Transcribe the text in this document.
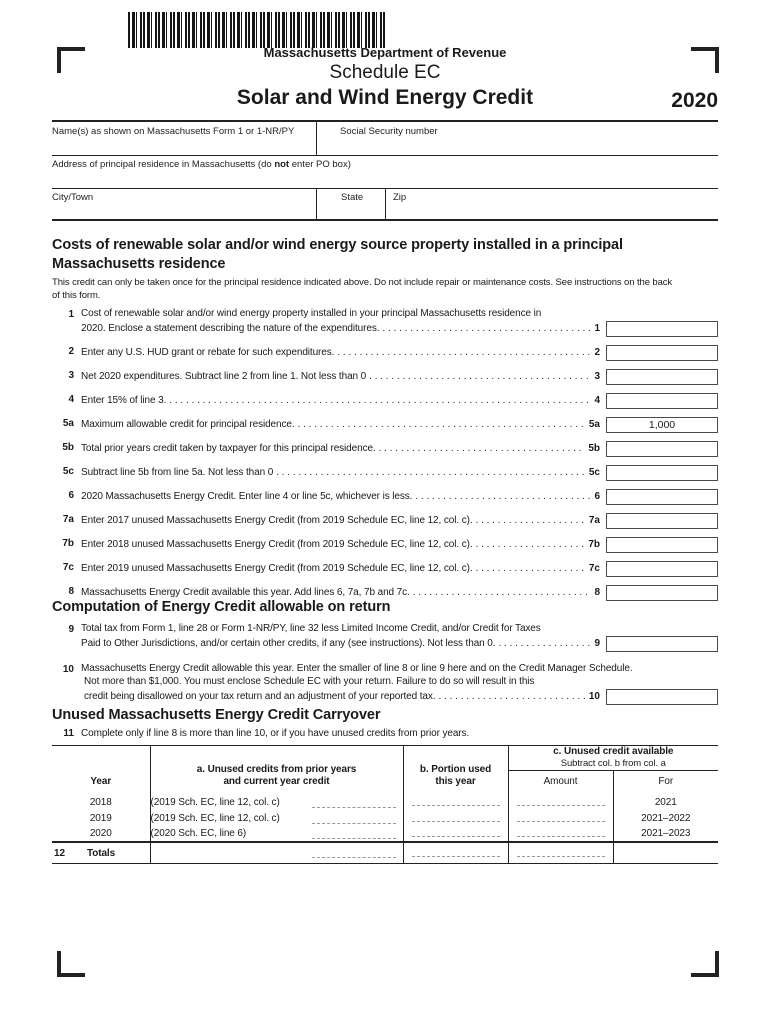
Massachusetts Department of Revenue
Schedule EC
Solar and Wind Energy Credit	2020
Name(s) as shown on Massachusetts Form 1 or 1-NR/PY	Social Security number
Address of principal residence in Massachusetts (do not enter PO box)
City/Town	State	Zip
Costs of renewable solar and/or wind energy source property installed in a principal
Massachusetts residence
This credit can only be taken once for the principal residence indicated above. Do not include repair or maintenance costs. See instructions on the back
of this form.
1 Cost of renewable solar and/or wind energy property installed in your principal Massachusetts residence in
2020. Enclose a statement describing the nature of the expenditures. . . .	1
2 Enter any U.S. HUD grant or rebate for such expenditures. . . .	2
3 Net 2020 expenditures. Subtract line 2 from line 1. Not less than 0 . . .	3
4 Enter 15% of line 3. . . .	4
5a Maximum allowable credit for principal residence. . . .	5a	1,000
5b Total prior years credit taken by taxpayer for this principal residence. . . .	5b
5c Subtract line 5b from line 5a. Not less than 0 . . .	5c
6 2020 Massachusetts Energy Credit. Enter line 4 or line 5c, whichever is less. . . .	6
7a Enter 2017 unused Massachusetts Energy Credit (from 2019 Schedule EC, line 12, col. c). . . .	7a
7b Enter 2018 unused Massachusetts Energy Credit (from 2019 Schedule EC, line 12, col. c). . . .	7b
7c Enter 2019 unused Massachusetts Energy Credit (from 2019 Schedule EC, line 12, col. c). . . .	7c
8 Massachusetts Energy Credit available this year. Add lines 6, 7a, 7b and 7c. . . .	8
Computation of Energy Credit allowable on return
9 Total tax from Form 1, line 28 or Form 1-NR/PY, line 32 less Limited Income Credit, and/or Credit for Taxes
Paid to Other Jurisdictions, and/or certain other credits, if any (see instructions). Not less than 0. . . .	9
10 Massachusetts Energy Credit allowable this year. Enter the smaller of line 8 or line 9 here and on the Credit Manager Schedule.
Not more than $1,000. You must enclose Schedule EC with your return. Failure to do so will result in this
credit being disallowed on your tax return and an adjustment of your reported tax. . . .	10
Unused Massachusetts Energy Credit Carryover
11 Complete only if line 8 is more than line 10, or if you have unused credits from prior years.
Year	
a. Unused credits from prior years
and current year credit

b. Portion used
this year

c. Unused credit available
Subtract col. b from col. a

			Amount	For
2018	(2019 Sch. EC, line 12, col. c)			2021
2019	(2019 Sch. EC, line 12, col. c)			2021–2022
2020	(2020 Sch. EC, line 6)			2021–2023

12 Totals				
